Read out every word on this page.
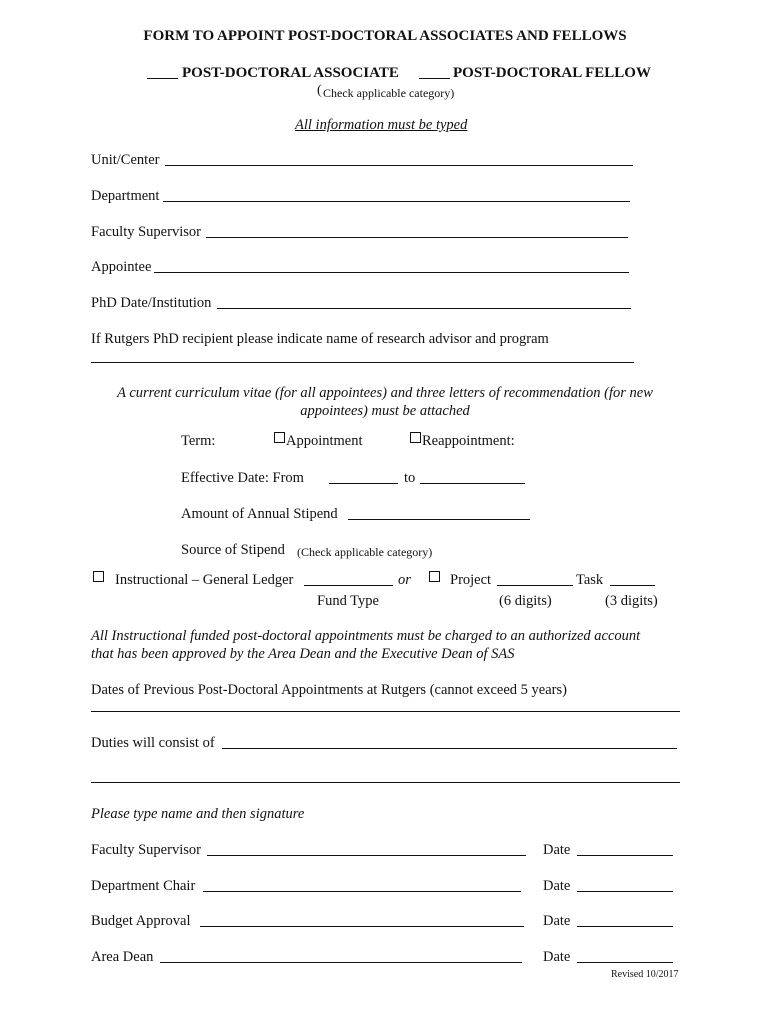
FORM TO APPOINT POST-DOCTORAL ASSOCIATES AND FELLOWS
POST-DOCTORAL ASSOCIATE	POST-DOCTORAL FELLOW
( Check applicable category)
All information must be typed
Unit/Center
Department
Faculty Supervisor
Appointee
PhD Date/Institution
If Rutgers PhD recipient please indicate name of research advisor and program
A current curriculum vitae (for all appointees) and three letters of recommendation (for new
appointees) must be attached
Term:	Appointment	Reappointment:
Effective Date: From	to
Amount of Annual Stipend
Source of Stipend (Check applicable category)
Instructional – General Ledger	or	Project	Task
Fund Type	(6 digits)	(3 digits)
All Instructional funded post-doctoral appointments must be charged to an authorized account
that has been approved by the Area Dean and the Executive Dean of SAS
Dates of Previous Post-Doctoral Appointments at Rutgers (cannot exceed 5 years)
Duties will consist of
Please type name and then signature
Faculty Supervisor	Date
Department Chair	Date
Budget Approval	Date
Area Dean	Date
Revised 10/2017
